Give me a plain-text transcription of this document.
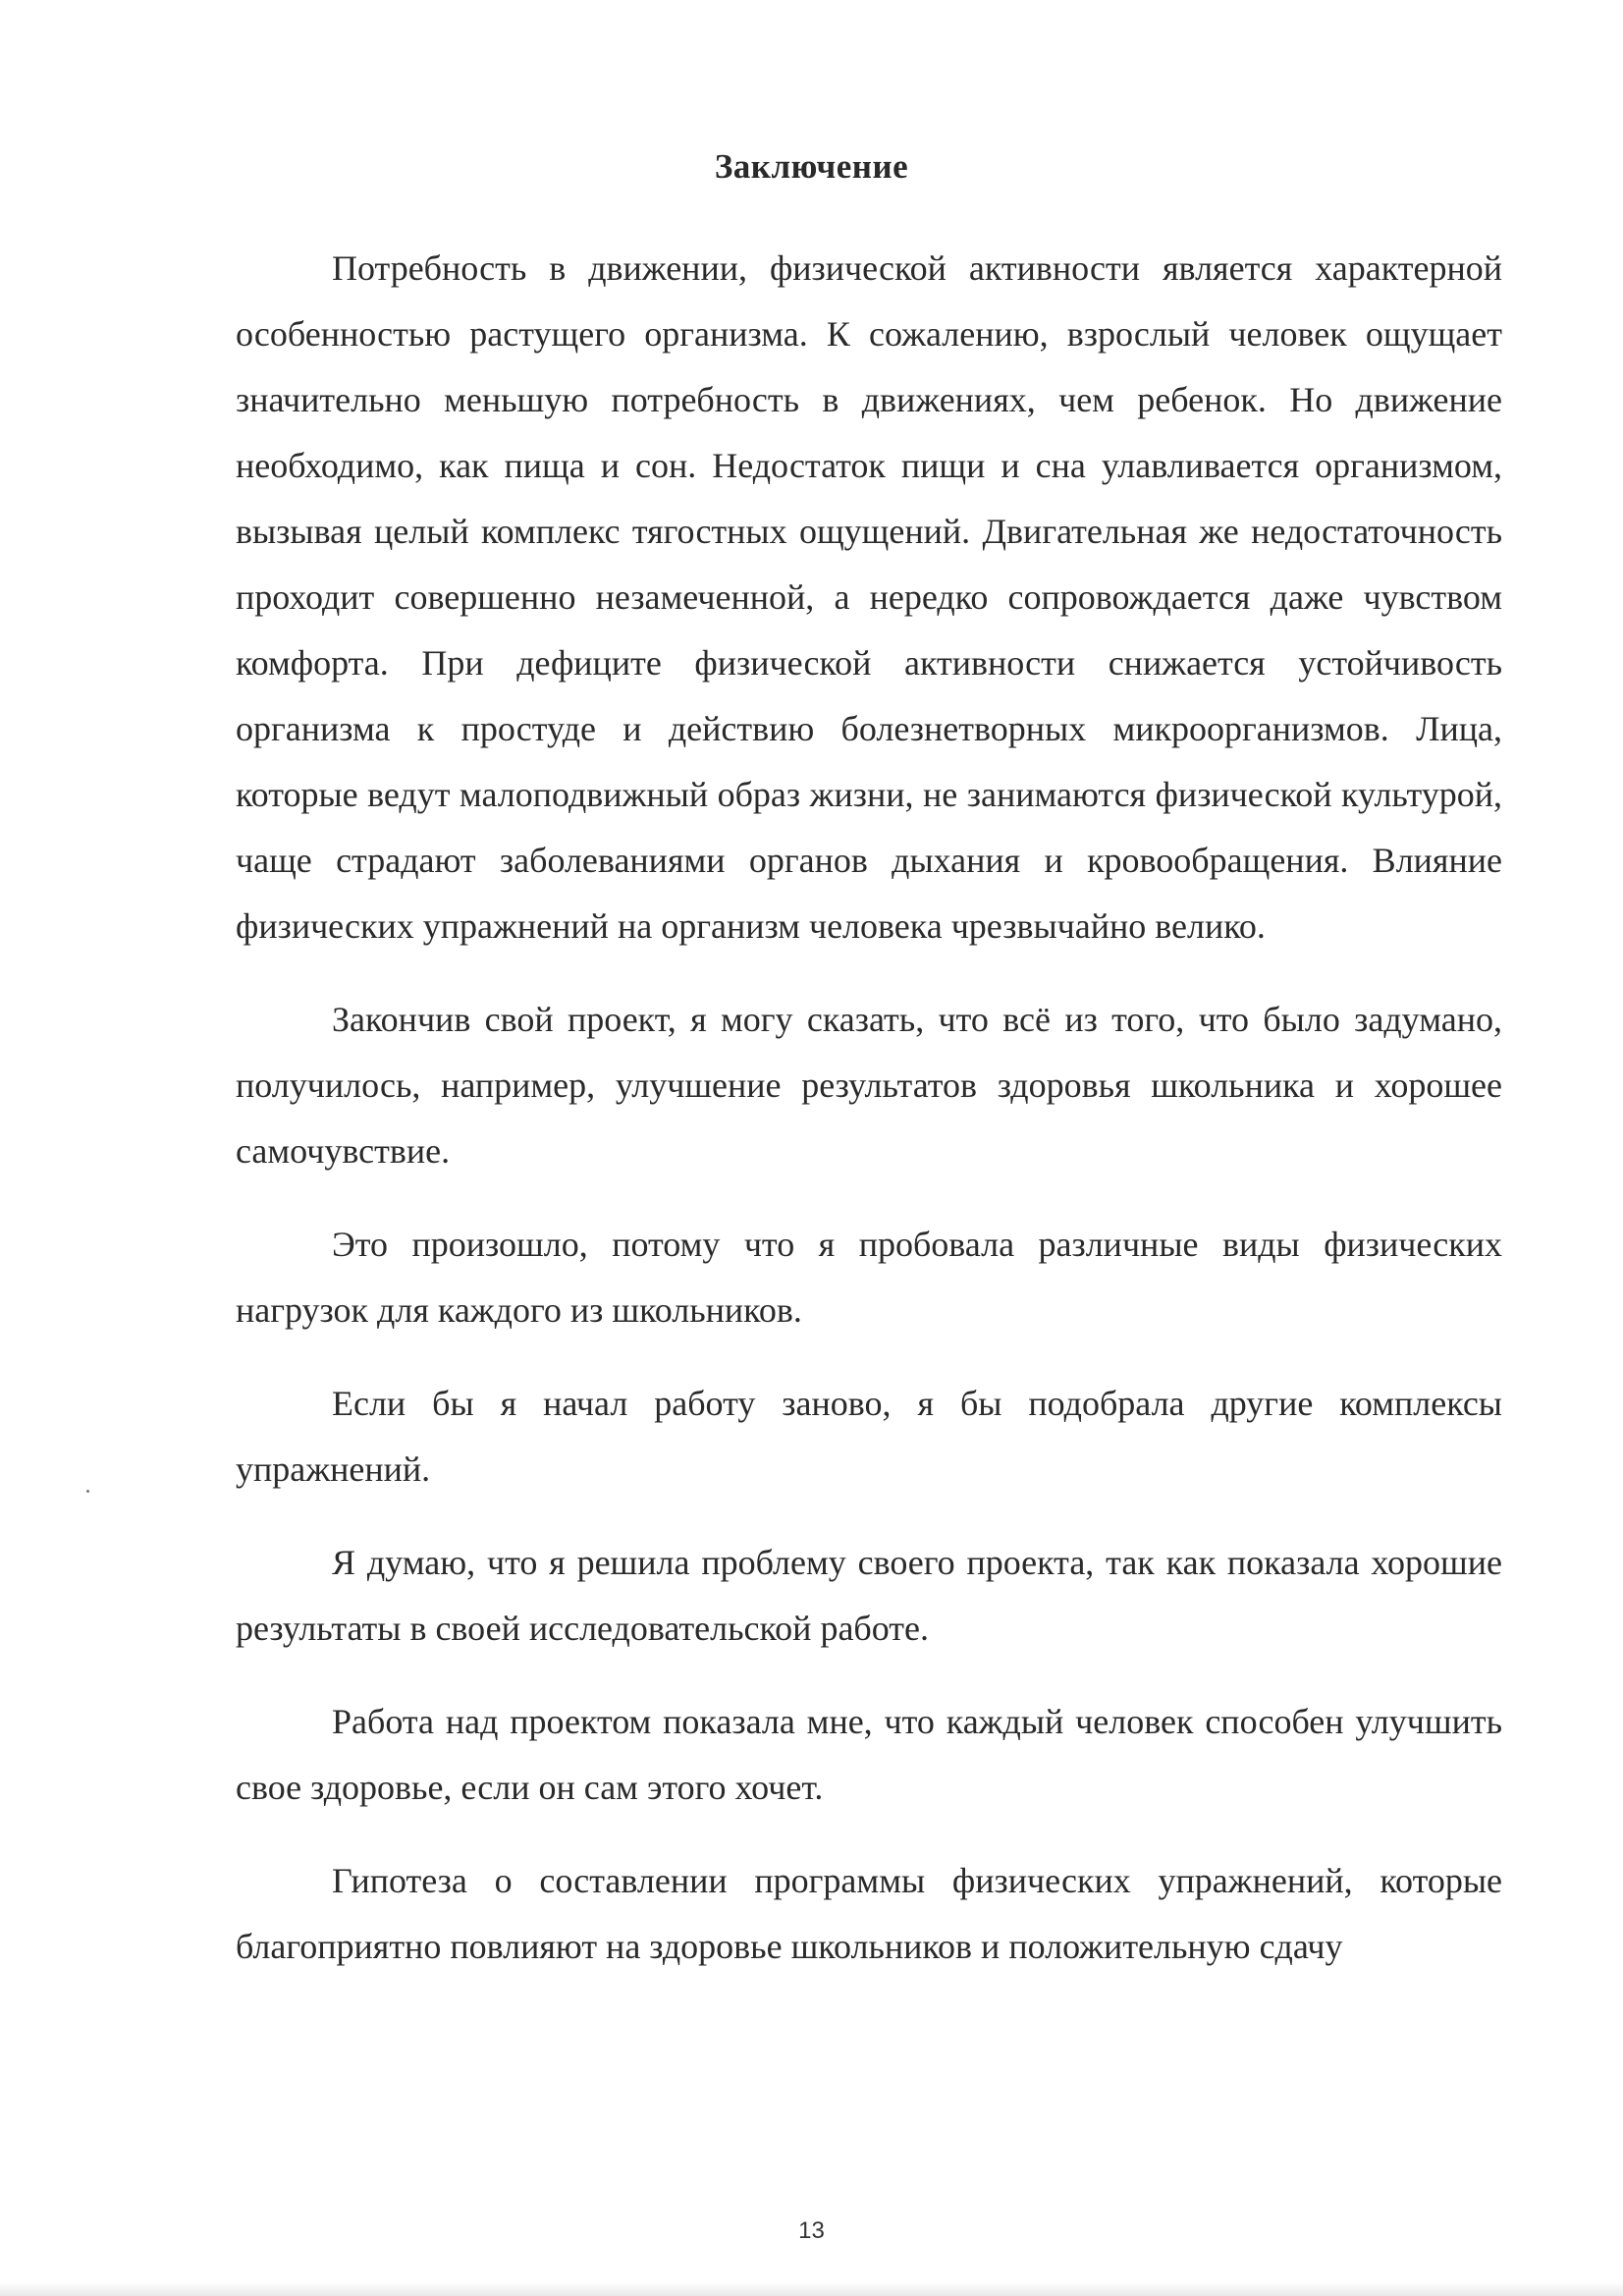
Заключение

Потребность в движении, физической активности является характерной особенностью растущего организма. К сожалению, взрослый человек ощущает значительно меньшую потребность в движениях, чем ребенок. Но движение необходимо, как пища и сон. Недостаток пищи и сна улавливается организмом, вызывая целый комплекс тягостных ощущений. Двигательная же недостаточность проходит совершенно незамеченной, а нередко сопровождается даже чувством комфорта. При дефиците физической активности снижается устойчивость организма к простуде и действию болезнетворных микроорганизмов. Лица, которые ведут малоподвижный образ жизни, не занимаются физической культурой, чаще страдают заболеваниями органов дыхания и кровообращения. Влияние физических упражнений на организм человека чрезвычайно велико.

Закончив свой проект, я могу сказать, что всё из того, что было задумано, получилось, например, улучшение результатов здоровья школьника и хорошее самочувствие.

Это произошло, потому что я пробовала различные виды физических нагрузок для каждого из школьников.

Если бы я начал работу заново, я бы подобрала другие комплексы упражнений.

Я думаю, что я решила проблему своего проекта, так как показала хорошие результаты в своей исследовательской работе.

Работа над проектом показала мне, что каждый человек способен улучшить свое здоровье, если он сам этого хочет.

Гипотеза о составлении программы физических упражнений, которые благоприятно повлияют на здоровье школьников и положительную сдачу

13
